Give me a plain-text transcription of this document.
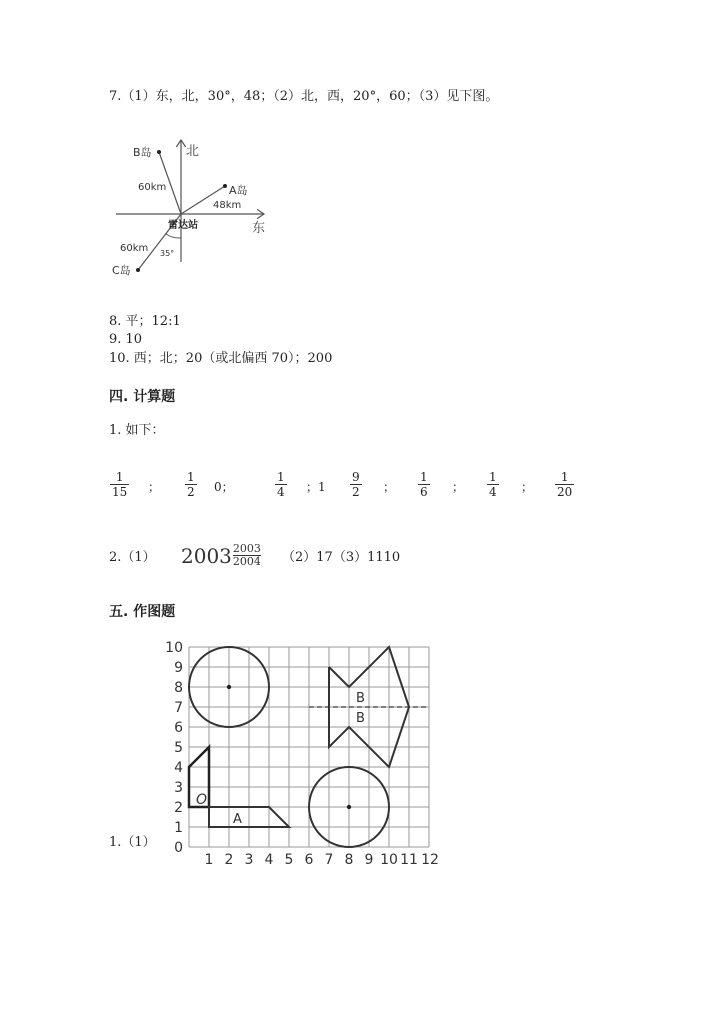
7.（1）东，北，30°，48；（2）北，西，20°，60；（3）见下图。
北
东
雷达站
B岛
A岛
C岛
60km
48km
60km 35°
8. 平；12:1
9. 10
10. 西；北；20（或北偏西 70）；200
四. 计算题
1. 如下：
$\frac{1}{15}$ ； $\frac{1}{2} 0$；	$\frac{1}{4}$ ；$1 \frac{9}{2}$ ； $\frac{1}{6}$ ； $\frac{1}{4}$ ； $\frac{1}{20}$
2.（1） 2003 2003
2004 （2）17（3）1110
五. 作图题
1.（1）
O
A
B
B
0
1
2
3
4
5
6
7
8
9
10
1 2 3 4 5 6 7 8 9 10 11 12
